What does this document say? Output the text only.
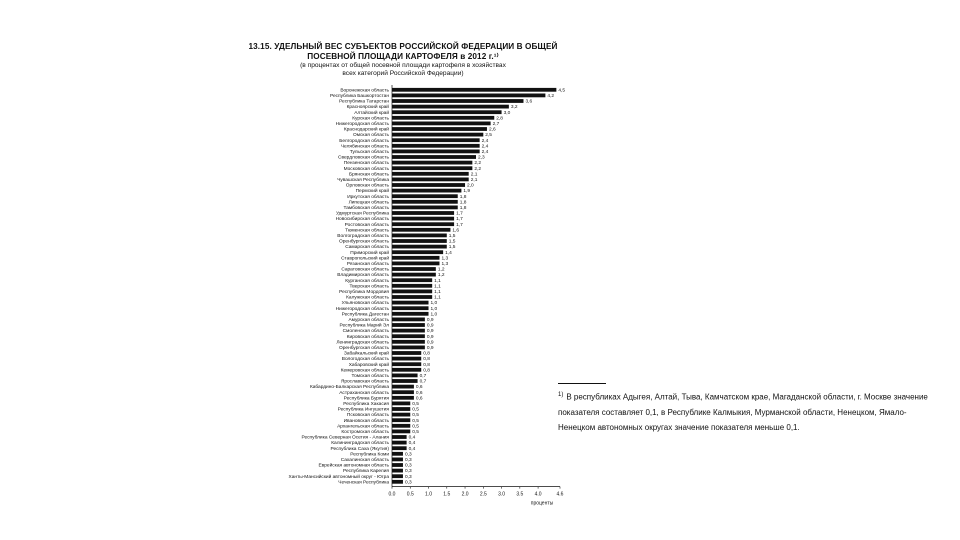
13.15. УДЕЛЬНЫЙ ВЕС СУБЪЕКТОВ РОССИЙСКОЙ ФЕДЕРАЦИИ В ОБЩЕЙ
ПОСЕВНОЙ ПЛОЩАДИ КАРТОФЕЛЯ в 2012 г.¹⁾
(в процентах от общей посевной площади картофеля в хозяйствах
всех категорий Российской Федерации)
Воронежская область	4,5
Республика Башкортостан	4,2
Республика Татарстан	3,6
Красноярский край	3,2
Алтайский край	3,0
Курская область	2,8
Нижегородская область	2,7
Краснодарский край	2,6
Омская область	2,5
Белгородская область	2,4
Челябинская область	2,4
Тульская область	2,4
Свердловская область	2,3
Пензенская область	2,2
Московская область	2,2
Брянская область	2,1
Чувашская Республика	2,1
Орловская область	2,0
Пермский край	1,9
Иркутская область	1,8
Липецкая область	1,8
Тамбовская область	1,8
Удмуртская Республика	1,7
Новосибирская область	1,7
Ростовская область	1,7
Тюменская область	1,6
Волгоградская область	1,5
Оренбургская область	1,5
Самарская область	1,5
Приморский край	1,4
Ставропольский край	1,3
Рязанская область	1,3
Саратовская область	1,2
Владимирская область	1,2
Курганская область	1,1
Тверская область	1,1
Республика Мордовия	1,1
Калужская область	1,1
Ульяновская область	1,0
Нижегородская область	1,0
Республика Дагестан	1,0
Амурская область	0,9
Республика Марий Эл	0,9
Смоленская область	0,9
Кировская область	0,9
Ленинградская область	0,9
Оренбургская область	0,9
Забайкальский край	0,8
Вологодская область	0,8
Хабаровский край	0,8
Кемеровская область	0,8
Томская область	0,7
Ярославская область	0,7
Кабардино-Балкарская Республика	0,6
Астраханская область	0,6
Республика Бурятия	0,6
Республика Хакасия	0,5
Республика Ингушетия	0,5
Псковская область	0,5
Ивановская область	0,5
Архангельская область	0,5
Костромская область	0,5
Республика Северная Осетия - Алания	0,4
Калининградская область	0,4
Республика Саха (Якутия)	0,4
Республика Коми	0,3
Сахалинская область	0,3
Еврейская автономная область	0,3
Республика Карелия	0,3
Ханты-Мансийский автономный округ - Югра	0,3
Чеченская Республика	0,3
0.0 0.5 1.0 1.5 2.0 2.5 3.0 3.5 4.0	4.6
проценты
$^{1)}$ В республиках Адыгея, Алтай, Тыва, Камчатском крае, Магаданской области, г. Москве значение показателя составляет 0,1, в Республике Калмыкия, Мурманской области, Ненецком, Ямало-Ненецком автономных округах значение показателя меньше 0,1.
